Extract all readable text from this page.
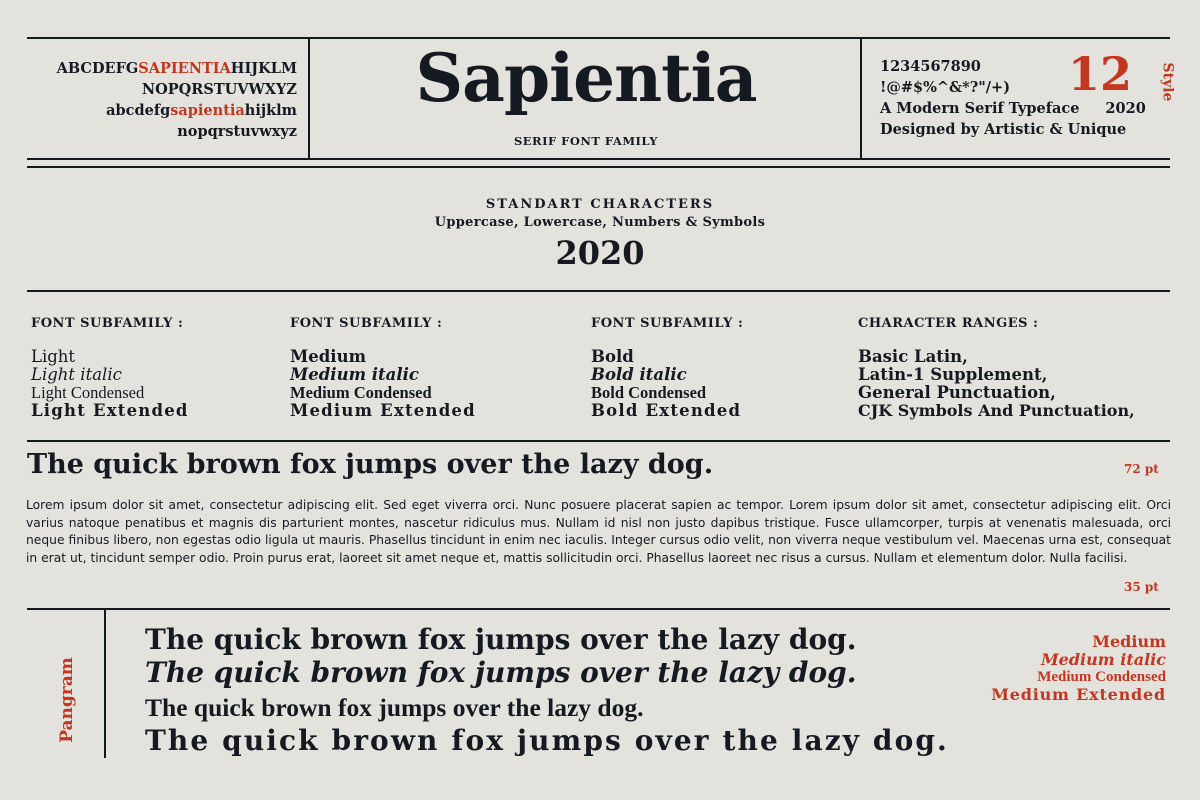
ABCDEFGSAPIENTIAHIJKLM
NOPQRSTUVWXYZ
abcdefgsapientiahijklm
nopqrstuvwxyz
Sapientia
SERIF FONT FAMILY
1234567890
!@#$%^&*?"/+)
A Modern Serif Typeface 2020
Designed by Artistic & Unique
12 Style
STANDART CHARACTERS
Uppercase, Lowercase, Numbers & Symbols
2020
FONT SUBFAMILY :
Light
Light italic
Light Condensed
Light Extended
FONT SUBFAMILY :
Medium
Medium italic
Medium Condensed
Medium Extended
FONT SUBFAMILY :
Bold
Bold italic
Bold Condensed
Bold Extended
CHARACTER RANGES :
Basic Latin,
Latin-1 Supplement,
General Punctuation,
CJK Symbols And Punctuation,
The quick brown fox jumps over the lazy dog.	72 pt
Lorem ipsum dolor sit amet, consectetur adipiscing elit. Sed eget viverra orci. Nunc posuere placerat sapien ac tempor. Lorem ipsum dolor sit amet, consectetur adipiscing elit. Orci varius natoque penatibus et magnis dis parturient montes, nascetur ridiculus mus. Nullam id nisl non justo dapibus tristique. Fusce ullamcorper, turpis at venenatis malesuada, orci neque finibus libero, non egestas odio ligula ut mauris. Phasellus tincidunt in enim nec iaculis. Integer cursus odio velit, non viverra neque vestibulum vel. Maecenas urna est, consequat in erat ut, tincidunt semper odio. Proin purus erat, laoreet sit amet neque et, mattis sollicitudin orci. Phasellus laoreet nec risus a cursus. Nullam et elementum dolor. Nulla facilisi.
35 pt
Pangram
The quick brown fox jumps over the lazy dog.
The quick brown fox jumps over the lazy dog.
The quick brown fox jumps over the lazy dog.
The quick brown fox jumps over the lazy dog.
Medium
Medium italic
Medium Condensed
Medium Extended
